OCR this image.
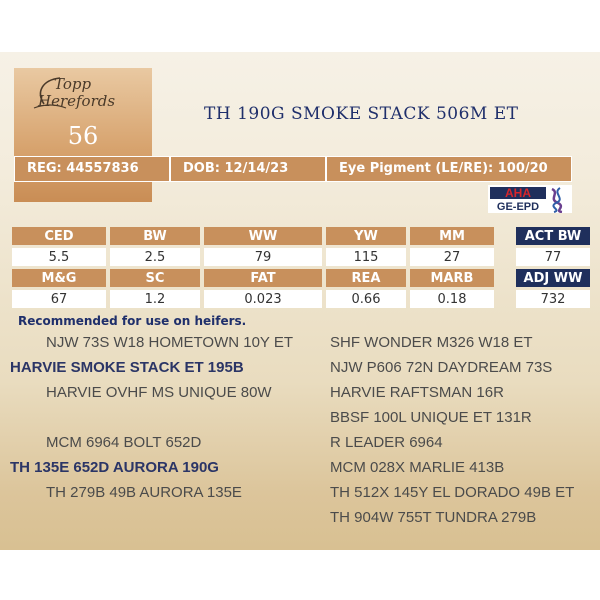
Topp
Herefords
56
TH 190G SMOKE STACK 506M ET
REG: 44557836	DOB: 12/14/23	Eye Pigment (LE/RE): 100/20
AHA
GE-EPD
CED	BW	WW	YW	MM		ACT BW
5.5	2.5	79	115	27		77
M&G	SC	FAT	REA	MARB		ADJ WW
67	1.2	0.023	0.66	0.18		732
Recommended for use on heifers.
NJW 73S W18 HOMETOWN 10Y ET
HARVIE SMOKE STACK ET 195B
HARVIE OVHF MS UNIQUE 80W
MCM 6964 BOLT 652D
TH 135E 652D AURORA 190G
TH 279B 49B AURORA 135E
SHF WONDER M326 W18 ET
NJW P606 72N DAYDREAM 73S
HARVIE RAFTSMAN 16R
BBSF 100L UNIQUE ET 131R
R LEADER 6964
MCM 028X MARLIE 413B
TH 512X 145Y EL DORADO 49B ET
TH 904W 755T TUNDRA 279B
